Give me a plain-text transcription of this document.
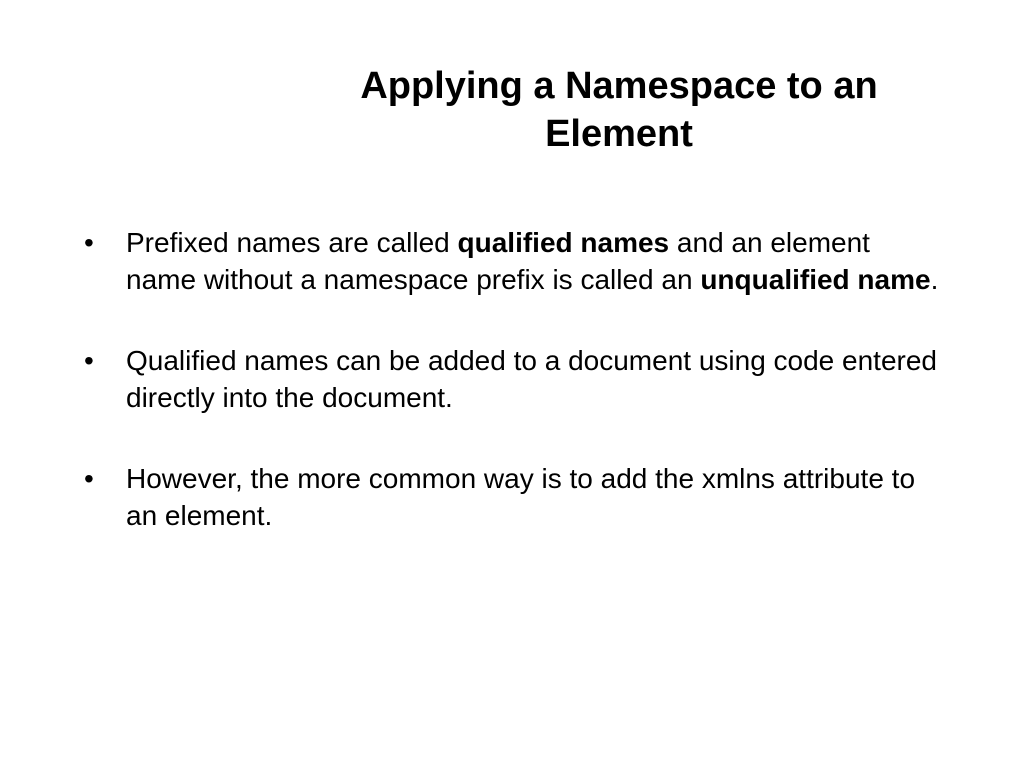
Applying a Namespace to an
Element
• Prefixed names are called qualified names and an element name without a namespace prefix is called an unqualified name.
• Qualified names can be added to a document using code entered directly into the document.
• However, the more common way is to add the xmlns attribute to an element.
